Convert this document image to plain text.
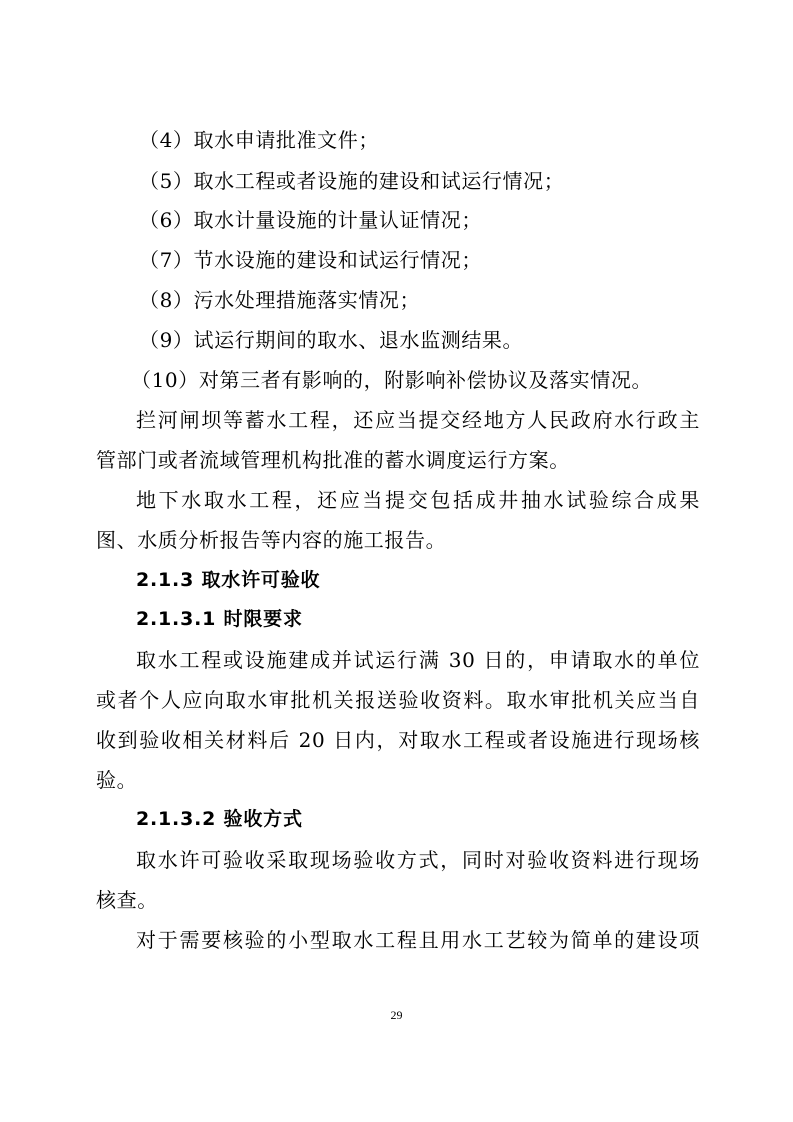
（4）取水申请批准文件；
（5）取水工程或者设施的建设和试运行情况；
（6）取水计量设施的计量认证情况；
（7）节水设施的建设和试运行情况；
（8）污水处理措施落实情况；
（9）试运行期间的取水、退水监测结果。
（10）对第三者有影响的，附影响补偿协议及落实情况。
拦河闸坝等蓄水工程，还应当提交经地方人民政府水行政主
管部门或者流域管理机构批准的蓄水调度运行方案。
地下水取水工程，还应当提交包括成井抽水试验综合成果
图、水质分析报告等内容的施工报告。
2.1.3 取水许可验收
2.1.3.1 时限要求
取水工程或设施建成并试运行满 30 日的，申请取水的单位
或者个人应向取水审批机关报送验收资料。取水审批机关应当自
收到验收相关材料后 20 日内，对取水工程或者设施进行现场核
验。
2.1.3.2 验收方式
取水许可验收采取现场验收方式，同时对验收资料进行现场
核查。
对于需要核验的小型取水工程且用水工艺较为简单的建设项
29
